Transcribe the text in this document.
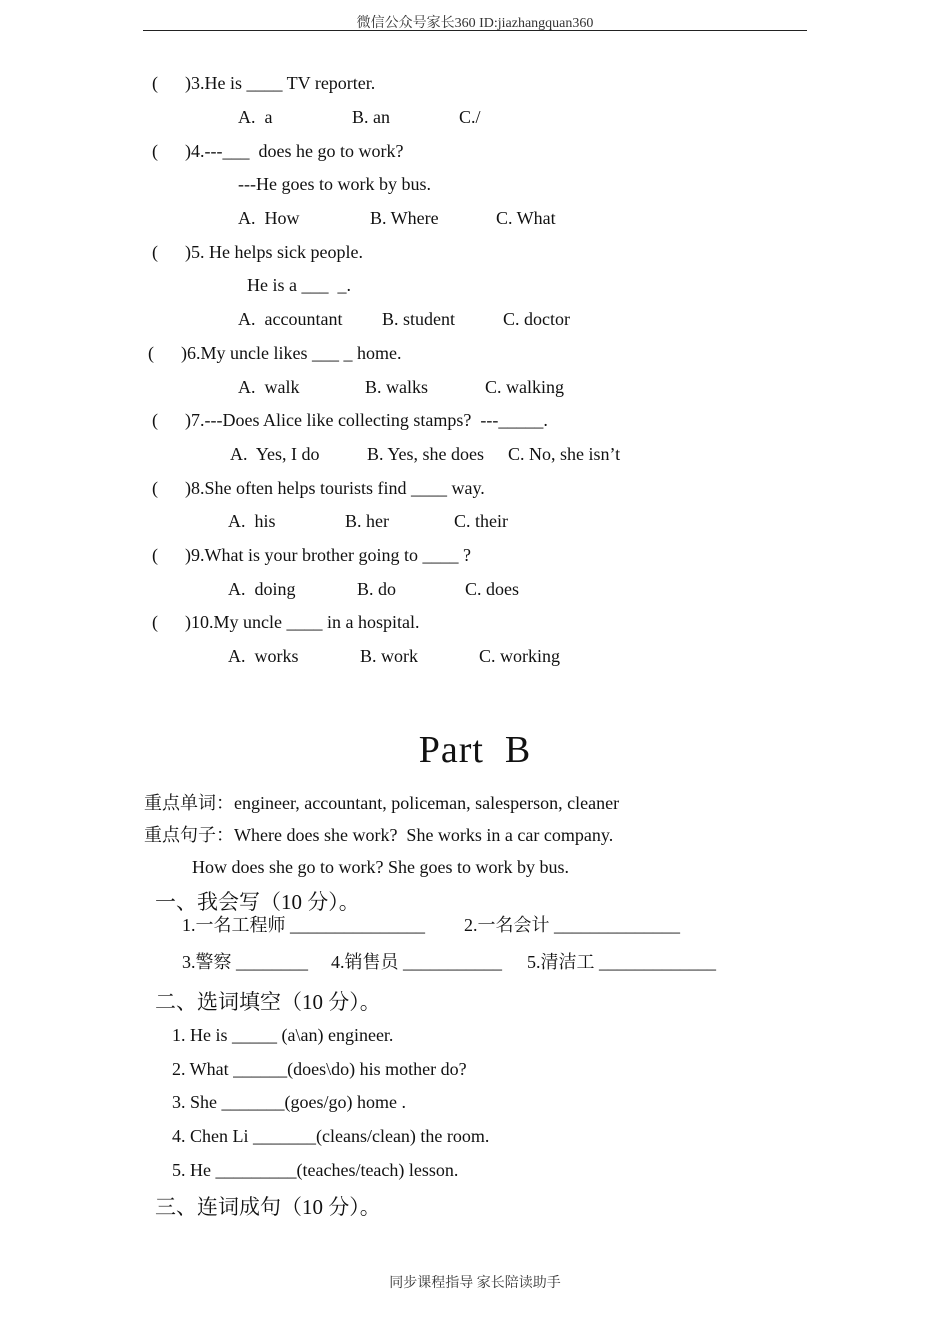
微信公众号家长360 ID:jiazhangquan360
(      )3.He is ____ TV reporter.
A.  a	B. an	C./
(      )4.---___  does he go to work?
---He goes to work by bus.
A.  How	B. Where	C. What
(      )5. He helps sick people.
He is a ___  _.
A.  accountant B. student	C. doctor
(      )6.My uncle likes ___ _ home.
A.  walk	B. walks	C. walking
(      )7.---Does Alice like collecting stamps?  ---_____.
A.  Yes, I do	B. Yes, she does C. No, she isn’t
(      )8.She often helps tourists find ____ way.
A.  his	B. her	C. their
(      )9.What is your brother going to ____ ?
A.  doing	B. do	C. does
(      )10.My uncle ____ in a hospital.
A.  works	B. work	C. working
Part  B
重点单词：engineer, accountant, policeman, salesperson, cleaner
重点句子：Where does she work?  She works in a car company.
How does she go to work? She goes to work by bus.
一、我会写（10 分）。
1.一名工程师 _______________ 2.一名会计 ______________
3.警察 ________ 4.销售员 ___________ 5.清洁工 _____________
二、选词填空（10 分）。
1. He is _____ (a\an) engineer.
2. What ______(does\do) his mother do?
3. She _______(goes/go) home .
4. Chen Li _______(cleans/clean) the room.
5. He _________(teaches/teach) lesson.
三、连词成句（10 分）。
同步课程指导 家长陪读助手
